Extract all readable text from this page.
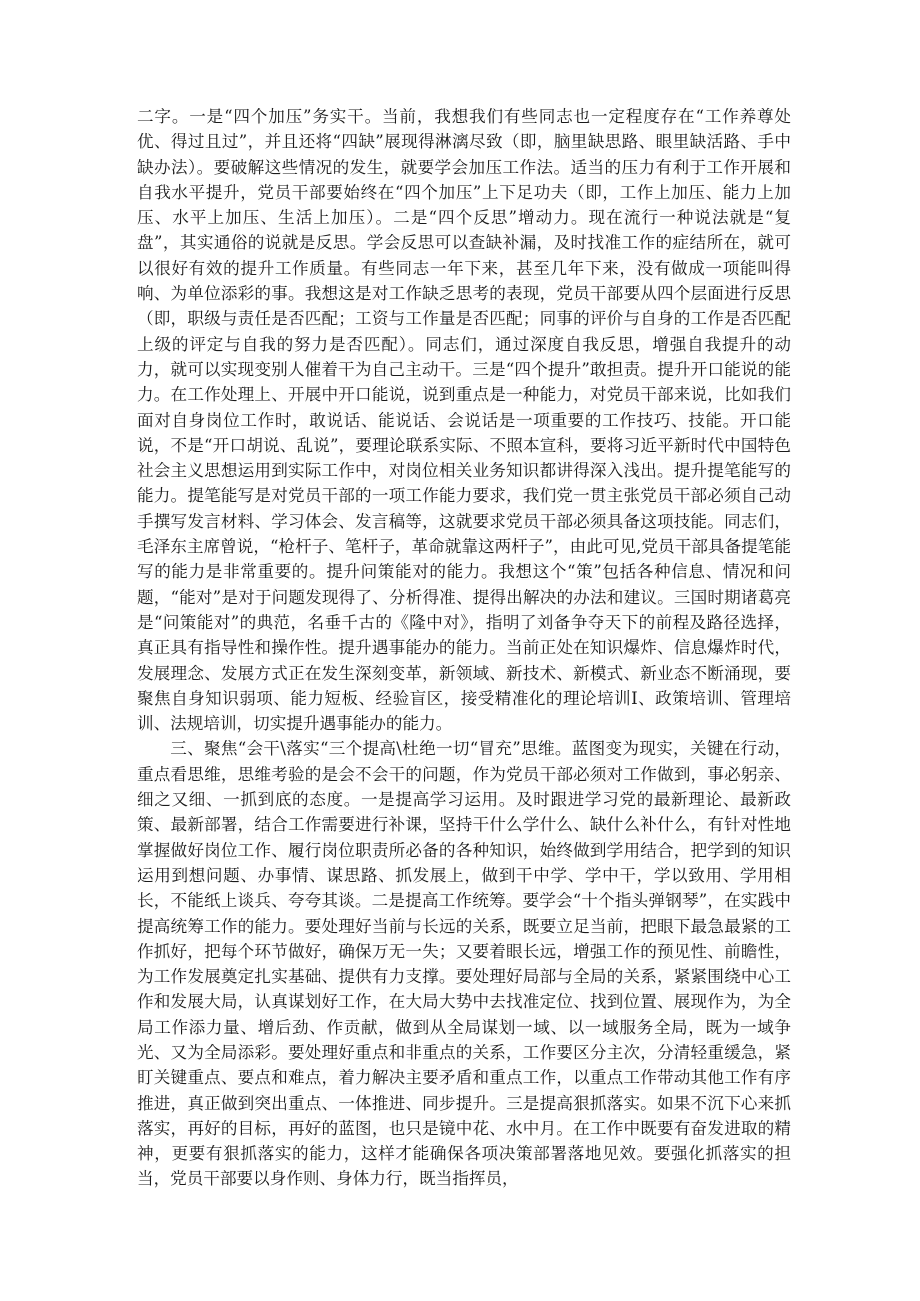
二字。一是“四个加压”务实干。当前，我想我们有些同志也一定程度存在“工作养尊处优、得过且过”，并且还将“四缺”展现得淋漓尽致（即，脑里缺思路、眼里缺活路、手中缺办法）。要破解这些情况的发生，就要学会加压工作法。适当的压力有利于工作开展和自我水平提升，党员干部要始终在“四个加压”上下足功夫（即，工作上加压、能力上加压、水平上加压、生活上加压）。二是“四个反思”增动力。现在流行一种说法就是“复盘”，其实通俗的说就是反思。学会反思可以查缺补漏，及时找准工作的症结所在，就可以很好有效的提升工作质量。有些同志一年下来，甚至几年下来，没有做成一项能叫得响、为单位添彩的事。我想这是对工作缺乏思考的表现，党员干部要从四个层面进行反思（即，职级与责任是否匹配；工资与工作量是否匹配；同事的评价与自身的工作是否匹配 上级的评定与自我的努力是否匹配）。同志们，通过深度自我反思，增强自我提升的动力，就可以实现变别人催着干为自己主动干。三是“四个提升”敢担责。提升开口能说的能力。在工作处理上、开展中开口能说，说到重点是一种能力，对党员干部来说，比如我们面对自身岗位工作时，敢说话、能说话、会说话是一项重要的工作技巧、技能。开口能说，不是“开口胡说、乱说”，要理论联系实际、不照本宣科，要将习近平新时代中国特色社会主义思想运用到实际工作中，对岗位相关业务知识都讲得深入浅出。提升提笔能写的能力。提笔能写是对党员干部的一项工作能力要求，我们党一贯主张党员干部必须自己动手撰写发言材料、学习体会、发言稿等，这就要求党员干部必须具备这项技能。同志们，毛泽东主席曾说，“枪杆子、笔杆子，革命就靠这两杆子”，由此可见,党员干部具备提笔能写的能力是非常重要的。提升问策能对的能力。我想这个“策”包括各种信息、情况和问题，“能对”是对于问题发现得了、分析得准、提得出解决的办法和建议。三国时期诸葛亮是“问策能对”的典范，名垂千古的《隆中对》，指明了刘备争夺天下的前程及路径选择，真正具有指导性和操作性。提升遇事能办的能力。当前正处在知识爆炸、信息爆炸时代，发展理念、发展方式正在发生深刻变革，新领域、新技术、新模式、新业态不断涌现，要聚焦自身知识弱项、能力短板、经验盲区，接受精准化的理论培训I、政策培训、管理培训、法规培训，切实提升遇事能办的能力。

三、聚焦“会干\落实“三个提高\杜绝一切“冒充”思维。蓝图变为现实，关键在行动，重点看思维，思维考验的是会不会干的问题，作为党员干部必须对工作做到，事必躬亲、细之又细、一抓到底的态度。一是提高学习运用。及时跟进学习党的最新理论、最新政策、最新部署，结合工作需要进行补课，坚持干什么学什么、缺什么补什么，有针对性地掌握做好岗位工作、履行岗位职责所必备的各种知识，始终做到学用结合，把学到的知识运用到想问题、办事情、谋思路、抓发展上，做到干中学、学中干，学以致用、学用相长，不能纸上谈兵、夸夸其谈。二是提高工作统筹。要学会“十个指头弹钢琴”，在实践中提高统筹工作的能力。要处理好当前与长远的关系，既要立足当前，把眼下最急最紧的工作抓好，把每个环节做好，确保万无一失；又要着眼长远，增强工作的预见性、前瞻性，为工作发展奠定扎实基础、提供有力支撑。要处理好局部与全局的关系，紧紧围绕中心工作和发展大局，认真谋划好工作，在大局大势中去找准定位、找到位置、展现作为，为全局工作添力量、增后劲、作贡献，做到从全局谋划一域、以一域服务全局，既为一域争光、又为全局添彩。要处理好重点和非重点的关系，工作要区分主次，分清轻重缓急，紧盯关键重点、要点和难点，着力解决主要矛盾和重点工作，以重点工作带动其他工作有序推进，真正做到突出重点、一体推进、同步提升。三是提高狠抓落实。如果不沉下心来抓落实，再好的目标，再好的蓝图，也只是镜中花、水中月。在工作中既要有奋发进取的精神，更要有狠抓落实的能力，这样才能确保各项决策部署落地见效。要强化抓落实的担当，党员干部要以身作则、身体力行，既当指挥员，
